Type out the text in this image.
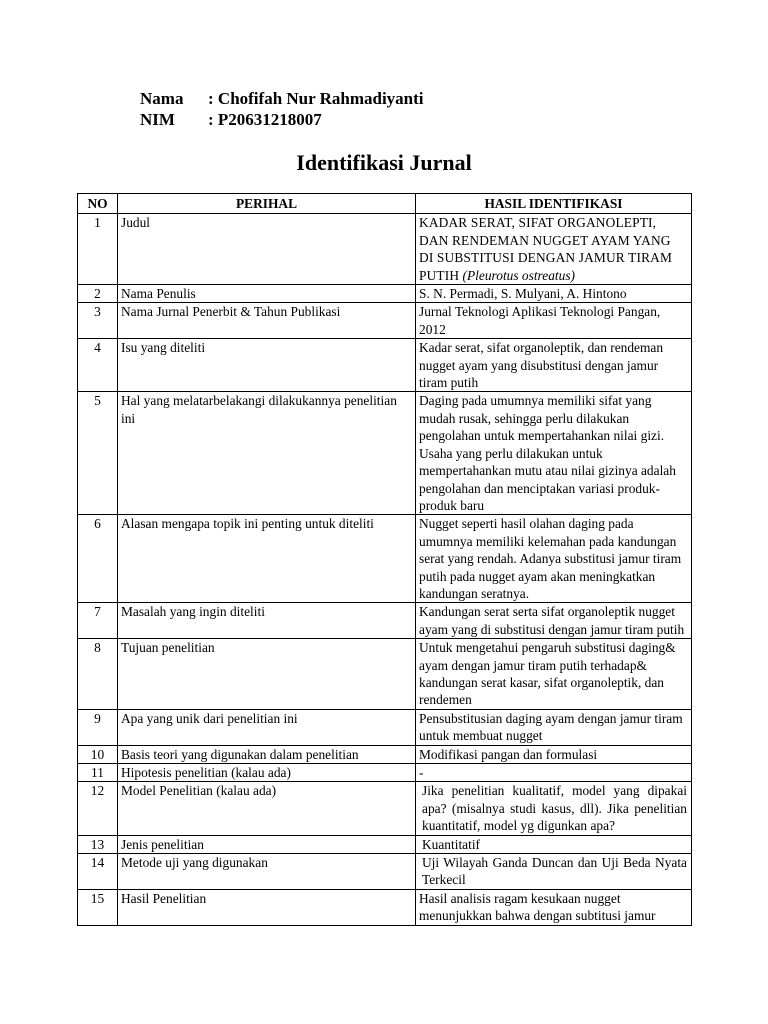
Nama	: Chofifah Nur Rahmadiyanti
NIM	: P20631218007
Identifikasi Jurnal
NO	PERIHAL	HASIL IDENTIFIKASI
1	Judul	KADAR SERAT, SIFAT ORGANOLEPTI, DAN RENDEMAN NUGGET AYAM YANG DI SUBSTITUSI DENGAN JAMUR TIRAM PUTIH (Pleurotus ostreatus)
2	Nama Penulis	S. N. Permadi, S. Mulyani, A. Hintono
3	Nama Jurnal Penerbit & Tahun Publikasi	Jurnal Teknologi Aplikasi Teknologi Pangan, 2012
4	Isu yang diteliti	Kadar serat, sifat organoleptik, dan rendeman nugget ayam yang disubstitusi dengan jamur tiram putih
5	Hal yang melatarbelakangi dilakukannya penelitian ini	Daging pada umumnya memiliki sifat yang mudah rusak, sehingga perlu dilakukan pengolahan untuk mempertahankan nilai gizi. Usaha yang perlu dilakukan untuk mempertahankan mutu atau nilai gizinya adalah pengolahan dan menciptakan variasi produk- produk baru
6	Alasan mengapa topik ini penting untuk diteliti	Nugget seperti hasil olahan daging pada umumnya memiliki kelemahan pada kandungan serat yang rendah. Adanya substitusi jamur tiram putih pada nugget ayam akan meningkatkan kandungan seratnya.
7	Masalah yang ingin diteliti	Kandungan serat serta sifat organoleptik nugget ayam yang di substitusi dengan jamur tiram putih
8	Tujuan penelitian	Untuk mengetahui pengaruh substitusi daging& ayam dengan jamur tiram putih terhadap& kandungan serat kasar, sifat organoleptik, dan rendemen
9	Apa yang unik dari penelitian ini	Pensubstitusian daging ayam dengan jamur tiram untuk membuat nugget
10	Basis teori yang digunakan dalam penelitian	Modifikasi pangan dan formulasi
11	Hipotesis penelitian (kalau ada)	-
12	Model Penelitian (kalau ada)	Jika penelitian kualitatif, model yang dipakai apa? (misalnya studi kasus, dll). Jika penelitian kuantitatif, model yg digunkan apa?
13	Jenis penelitian	Kuantitatif
14	Metode uji yang digunakan	Uji Wilayah Ganda Duncan dan Uji Beda Nyata Terkecil
15	Hasil Penelitian	Hasil analisis ragam kesukaan nugget menunjukkan bahwa dengan subtitusi jamur
